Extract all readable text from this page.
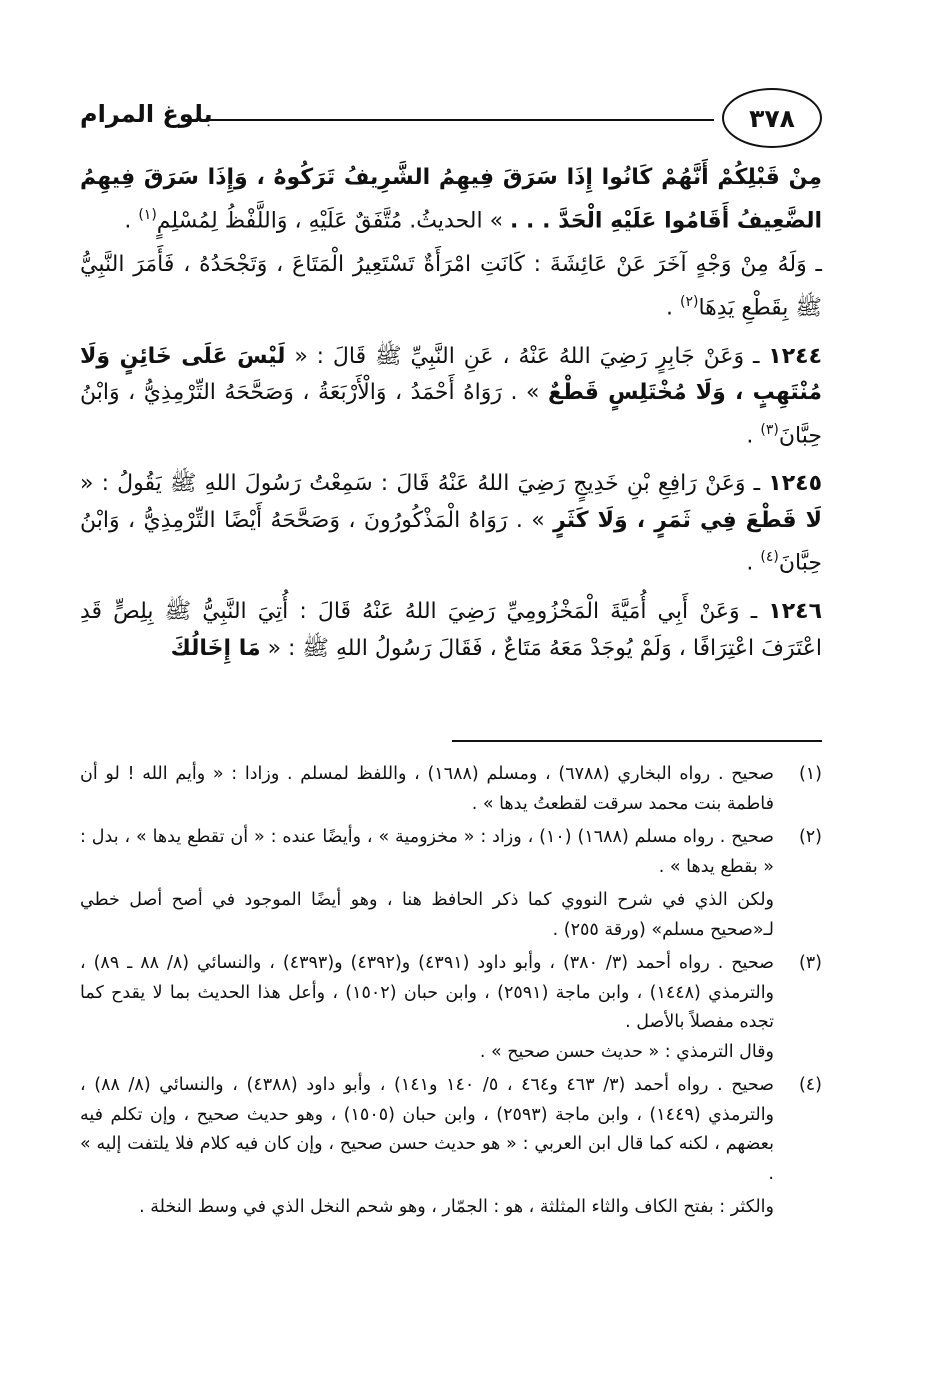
بلوغ المرام	٣٧٨

مِنْ قَبْلِكُمْ أَنَّهُمْ كَانُوا إِذَا سَرَقَ فِيهِمُ الشَّرِيفُ تَرَكُوهُ ، وَإِذَا سَرَقَ فِيهِمُ الضَّعِيفُ أَقَامُوا عَلَيْهِ الْحَدَّ . . . » الحديثُ. مُتَّفَقٌ عَلَيْهِ ، وَاللَّفْظُ لِمُسْلِمٍ$^{(١)}$ .

ـ وَلَهُ مِنْ وَجْهٍ آخَرَ عَنْ عَائِشَةَ : كَانَتِ امْرَأَةٌ تَسْتَعِيرُ الْمَتَاعَ ، وَتَجْحَدُهُ ، فَأَمَرَ النَّبِيُّ ﷺ بِقَطْعِ يَدِهَا$^{(٢)}$ .

١٢٤٤ ـ وَعَنْ جَابِرٍ رَضِيَ اللهُ عَنْهُ ، عَنِ النَّبِيِّ ﷺ قَالَ : « لَيْسَ عَلَى خَائِنٍ وَلَا مُنْتَهِبٍ ، وَلَا مُخْتَلِسٍ قَطْعٌ » . رَوَاهُ أَحْمَدُ ، وَالْأَرْبَعَةُ ، وَصَحَّحَهُ التِّرْمِذِيُّ ، وَابْنُ حِبَّانَ$^{(٣)}$ .

١٢٤٥ ـ وَعَنْ رَافِعِ بْنِ خَدِيجٍ رَضِيَ اللهُ عَنْهُ قَالَ : سَمِعْتُ رَسُولَ اللهِ ﷺ يَقُولُ : « لَا قَطْعَ فِي ثَمَرٍ ، وَلَا كَثَرٍ » . رَوَاهُ الْمَذْكُورُونَ ، وَصَحَّحَهُ أَيْضًا التِّرْمِذِيُّ ، وَابْنُ حِبَّانَ$^{(٤)}$ .

١٢٤٦ ـ وَعَنْ أَبِي أُمَيَّةَ الْمَخْزُومِيِّ رَضِيَ اللهُ عَنْهُ قَالَ : أُتِيَ النَّبِيُّ ﷺ بِلِصٍّ قَدِ اعْتَرَفَ اعْتِرَافًا ، وَلَمْ يُوجَدْ مَعَهُ مَتَاعٌ ، فَقَالَ رَسُولُ اللهِ ﷺ : « مَا إِخَالُكَ

(١)
صحيح . رواه البخاري (٦٧٨٨) ، ومسلم (١٦٨٨) ، واللفظ لمسلم . وزادا : « وأيم الله ! لو أن فاطمة بنت محمد سرقت لقطعتُ يدها » .
(٢)
صحيح . رواه مسلم (١٦٨٨) (١٠) ، وزاد : « مخزومية » ، وأيضًا عنده : « أن تقطع يدها » ، بدل : « بقطع يدها » .

ولكن الذي في شرح النووي كما ذكر الحافظ هنا ، وهو أيضًا الموجود في أصح أصل خطي لـ«صحيح مسلم» (ورقة ٢٥٥) .

(٣)
صحيح . رواه أحمد (٣/ ٣٨٠) ، وأبو داود (٤٣٩١) و(٤٣٩٢) و(٤٣٩٣) ، والنسائي (٨/ ٨٨ ـ ٨٩) ، والترمذي (١٤٤٨) ، وابن ماجة (٢٥٩١) ، وابن حبان (١٥٠٢) ، وأعل هذا الحديث بما لا يقدح كما تجده مفصلاً بالأصل .

وقال الترمذي : « حديث حسن صحيح » .

(٤)
صحيح . رواه أحمد (٣/ ٤٦٣ و٤٦٤ ، ٥/ ١٤٠ و١٤١) ، وأبو داود (٤٣٨٨) ، والنسائي (٨/ ٨٨) ، والترمذي (١٤٤٩) ، وابن ماجة (٢٥٩٣) ، وابن حبان (١٥٠٥) ، وهو حديث صحيح ، وإن تكلم فيه بعضهم ، لكنه كما قال ابن العربي : « هو حديث حسن صحيح ، وإن كان فيه كلام فلا يلتفت إليه » .

والكثر : بفتح الكاف والثاء المثلثة ، هو : الجمّار ، وهو شحم النخل الذي في وسط النخلة .
